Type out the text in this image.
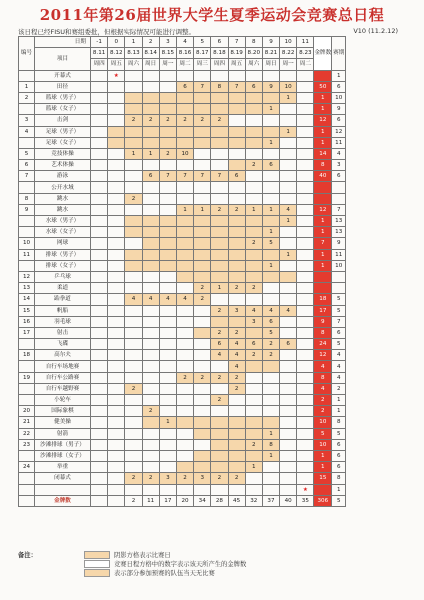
2011年第26届世界大学生夏季运动会竞赛总日程
该日程已经FISU和赛组委批，但根据实际情况可能进行调整。	V10 (11.2.12)
编号	日期	-1	0	1	2	3	4	5	6	7	8	9	10	11	金牌数	赛期
	项目	8.11	8.12	8.13	8.14	8.15	8.16	8.17	8.18	8.19	8.20	8.21	8.22	8.23		
		周四	周五	周六	周日	周一	周二	周三	周四	周五	周六	周日	周一	周二		
	开幕式		★													1
1	田径						6	7	8	7	6	9	10		50	6
2	篮球（男子）												1		1	10
	篮球（女子）											1			1	9
3	击剑			2	2	2	2	2	2						12	6
4	足球（男子）												1		1	12
	足球（女子）											1			1	11
5	竞技体操			1	1	2	10								14	4
6	艺术体操										2	6			8	3
7	游泳				6	7	7	7	7	6					40	6
	公开水域															
8	跳水			2												
9	跳水						1	1	2	2	1	1	4		12	7
	水球（男子）												1		1	13
	水球（女子）											1			1	13
10	网球										2	5			7	9
11	排球（男子）												1		1	11
	排球（女子）											1			1	10
12	乒乓球															
13	柔道							2	1	2	2					
14	跆拳道			4	4	4	4	2							18	5
15	帆船								2	3	4	4	4		17	5
16	羽毛球										3	6			9	7
17	射击								2	2		5			8	6
	飞碟								6	4	6	2	6		24	5
18	高尔夫								4	4	2	2			12	4
	自行车场地赛									4					4	4
19	自行车公路赛						2	2	2	2					8	4
	自行车越野赛			2						2					4	2
	小轮车								2						2	1
20	国际象棋				2										2	1
21	健美操					1									10	8
22	射箭											1			5	5
23	沙滩排球（男子）										2	8			10	6
	沙滩排球（女子）											1			1	6
24	举重										1				1	6
	闭幕式			2	2	3	2	3	2	2					15	8
														★		1
	金牌数			2	11	17	20	34	28	45	32	37	40	35	306	5
备注：	阴影方格表示比赛日
竞赛日程方格中的数字表示该天所产生的金牌数
表示部分参加预赛的队伍当天无比赛
